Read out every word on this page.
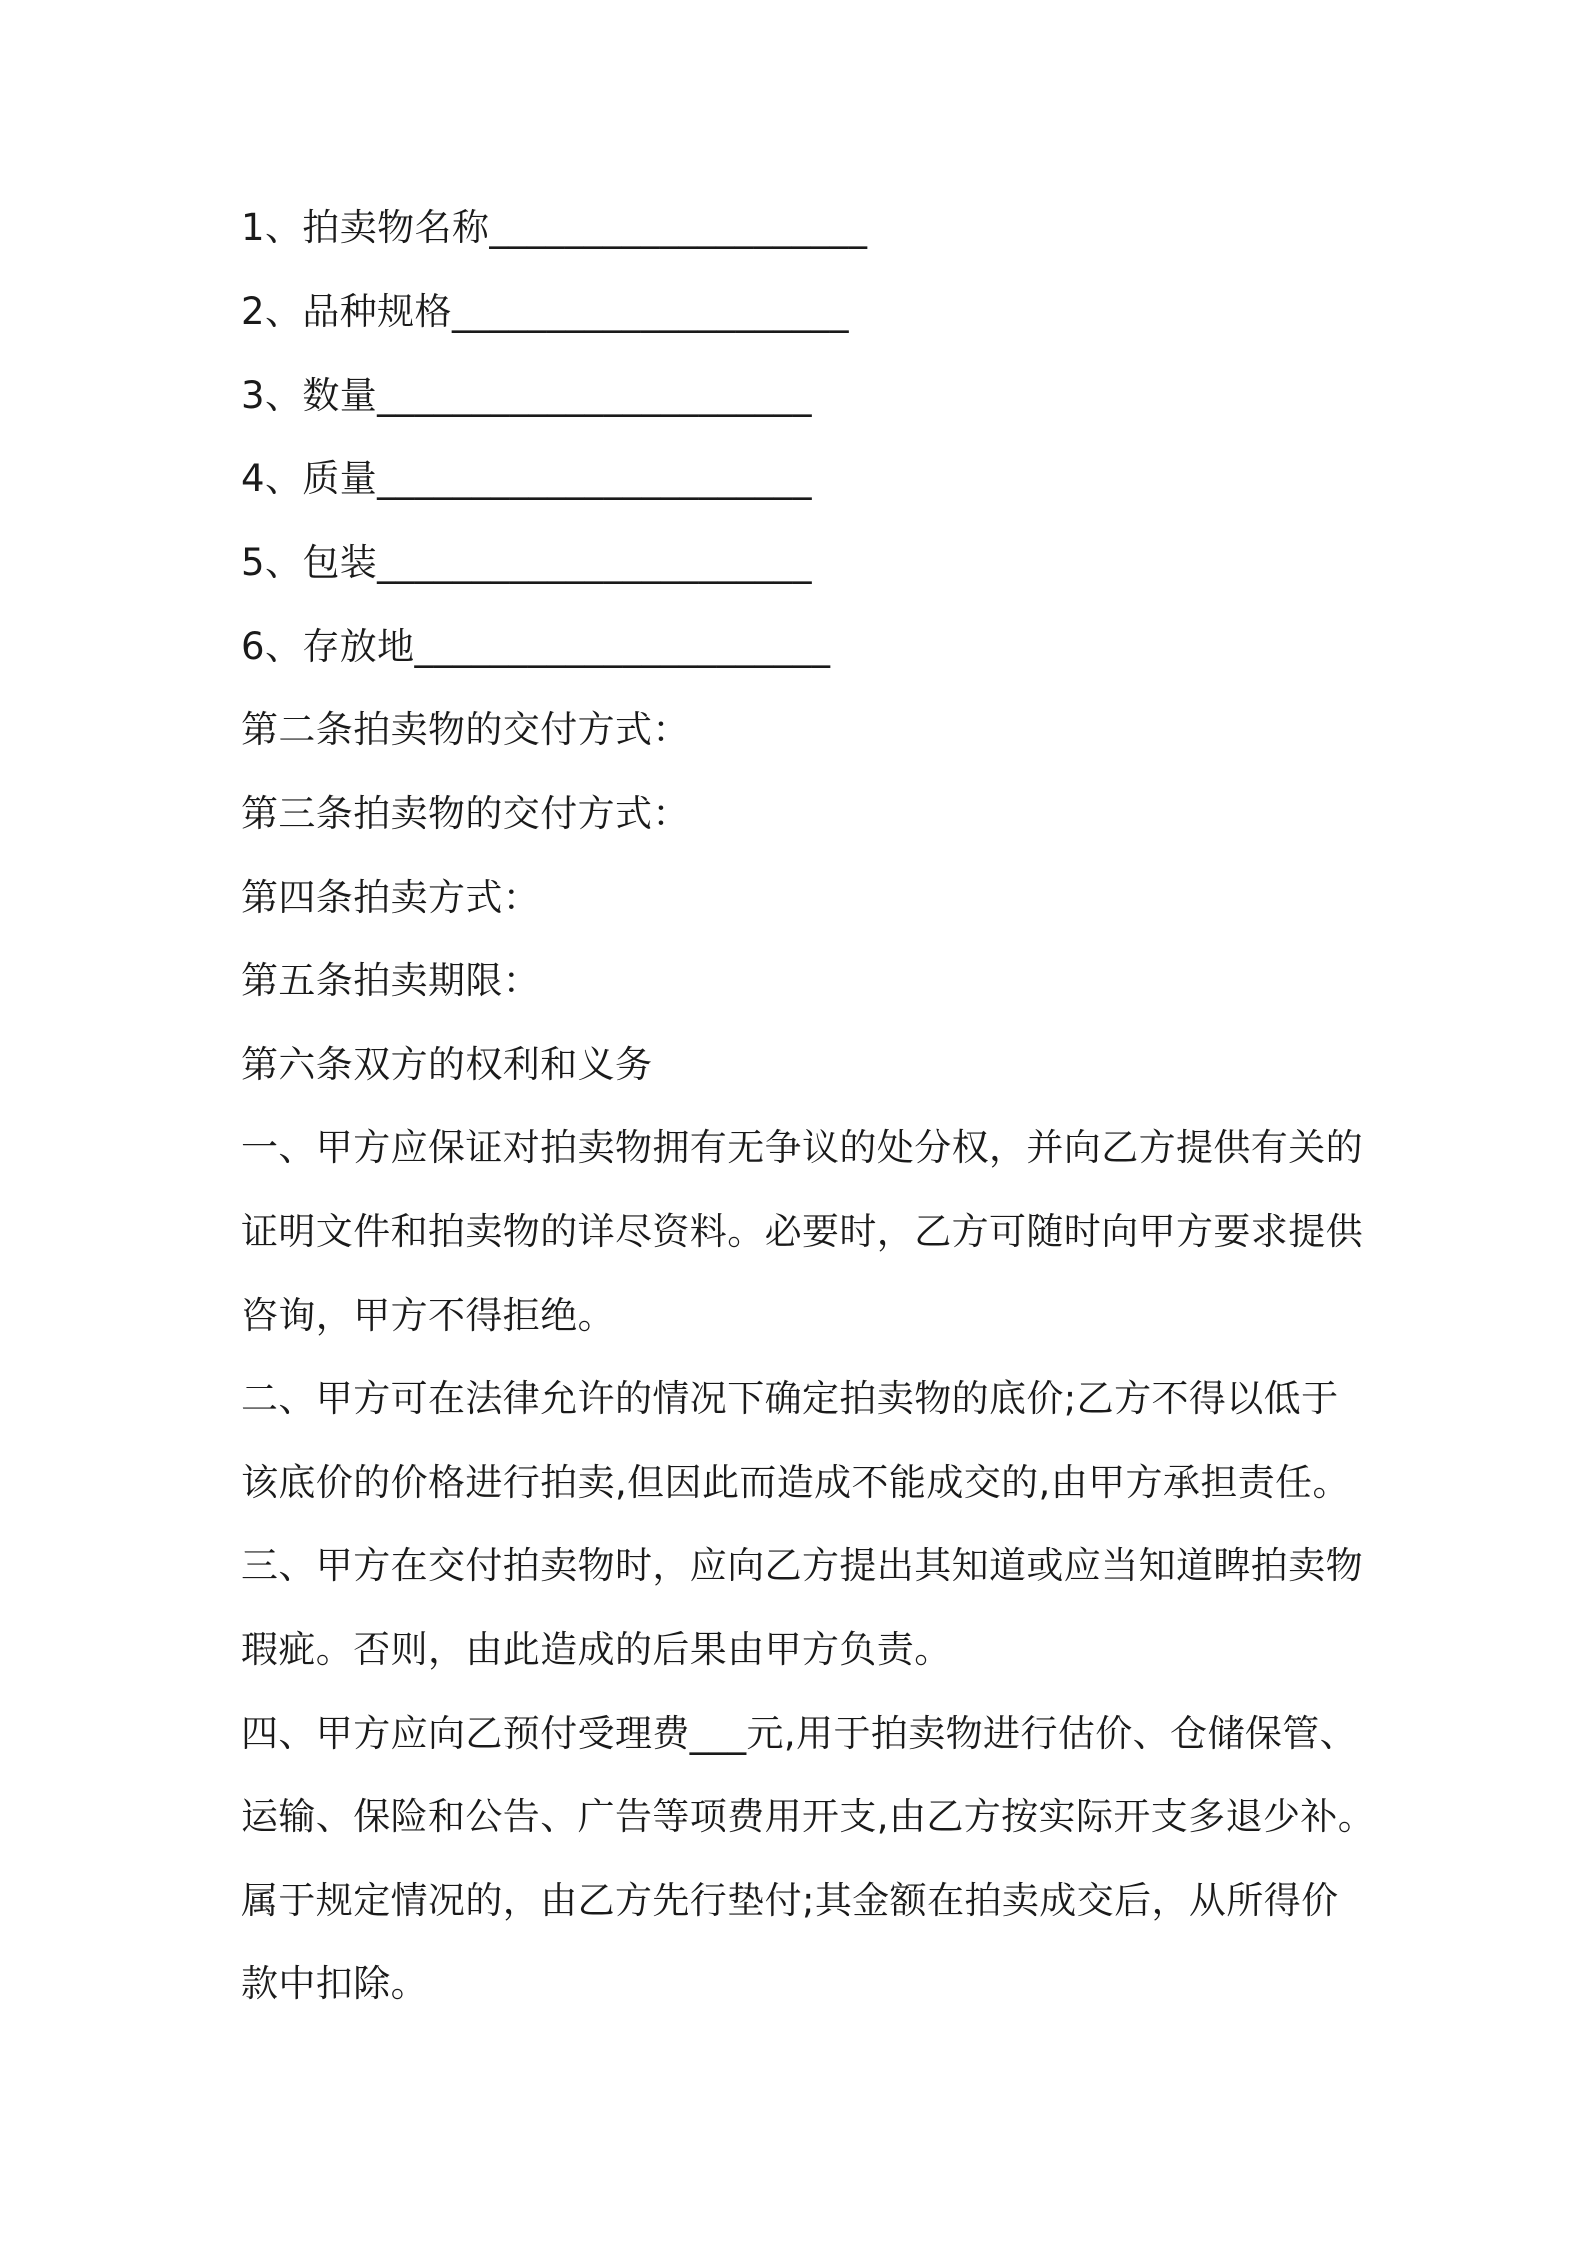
1、拍卖物名称____________________
2、品种规格_____________________
3、数量_______________________
4、质量_______________________
5、包装_______________________
6、存放地______________________
第二条拍卖物的交付方式：
第三条拍卖物的交付方式：
第四条拍卖方式：
第五条拍卖期限：
第六条双方的权利和义务
一、甲方应保证对拍卖物拥有无争议的处分权，并向乙方提供有关的
证明文件和拍卖物的详尽资料。必要时，乙方可随时向甲方要求提供
咨询，甲方不得拒绝。
二、甲方可在法律允许的情况下确定拍卖物的底价;乙方不得以低于
该底价的价格进行拍卖,但因此而造成不能成交的,由甲方承担责任。
三、甲方在交付拍卖物时，应向乙方提出其知道或应当知道睥拍卖物
瑕疵。否则，由此造成的后果由甲方负责。
四、甲方应向乙预付受理费___元,用于拍卖物进行估价、仓储保管、
运输、保险和公告、广告等项费用开支,由乙方按实际开支多退少补。
属于规定情况的，由乙方先行垫付;其金额在拍卖成交后，从所得价
款中扣除。
